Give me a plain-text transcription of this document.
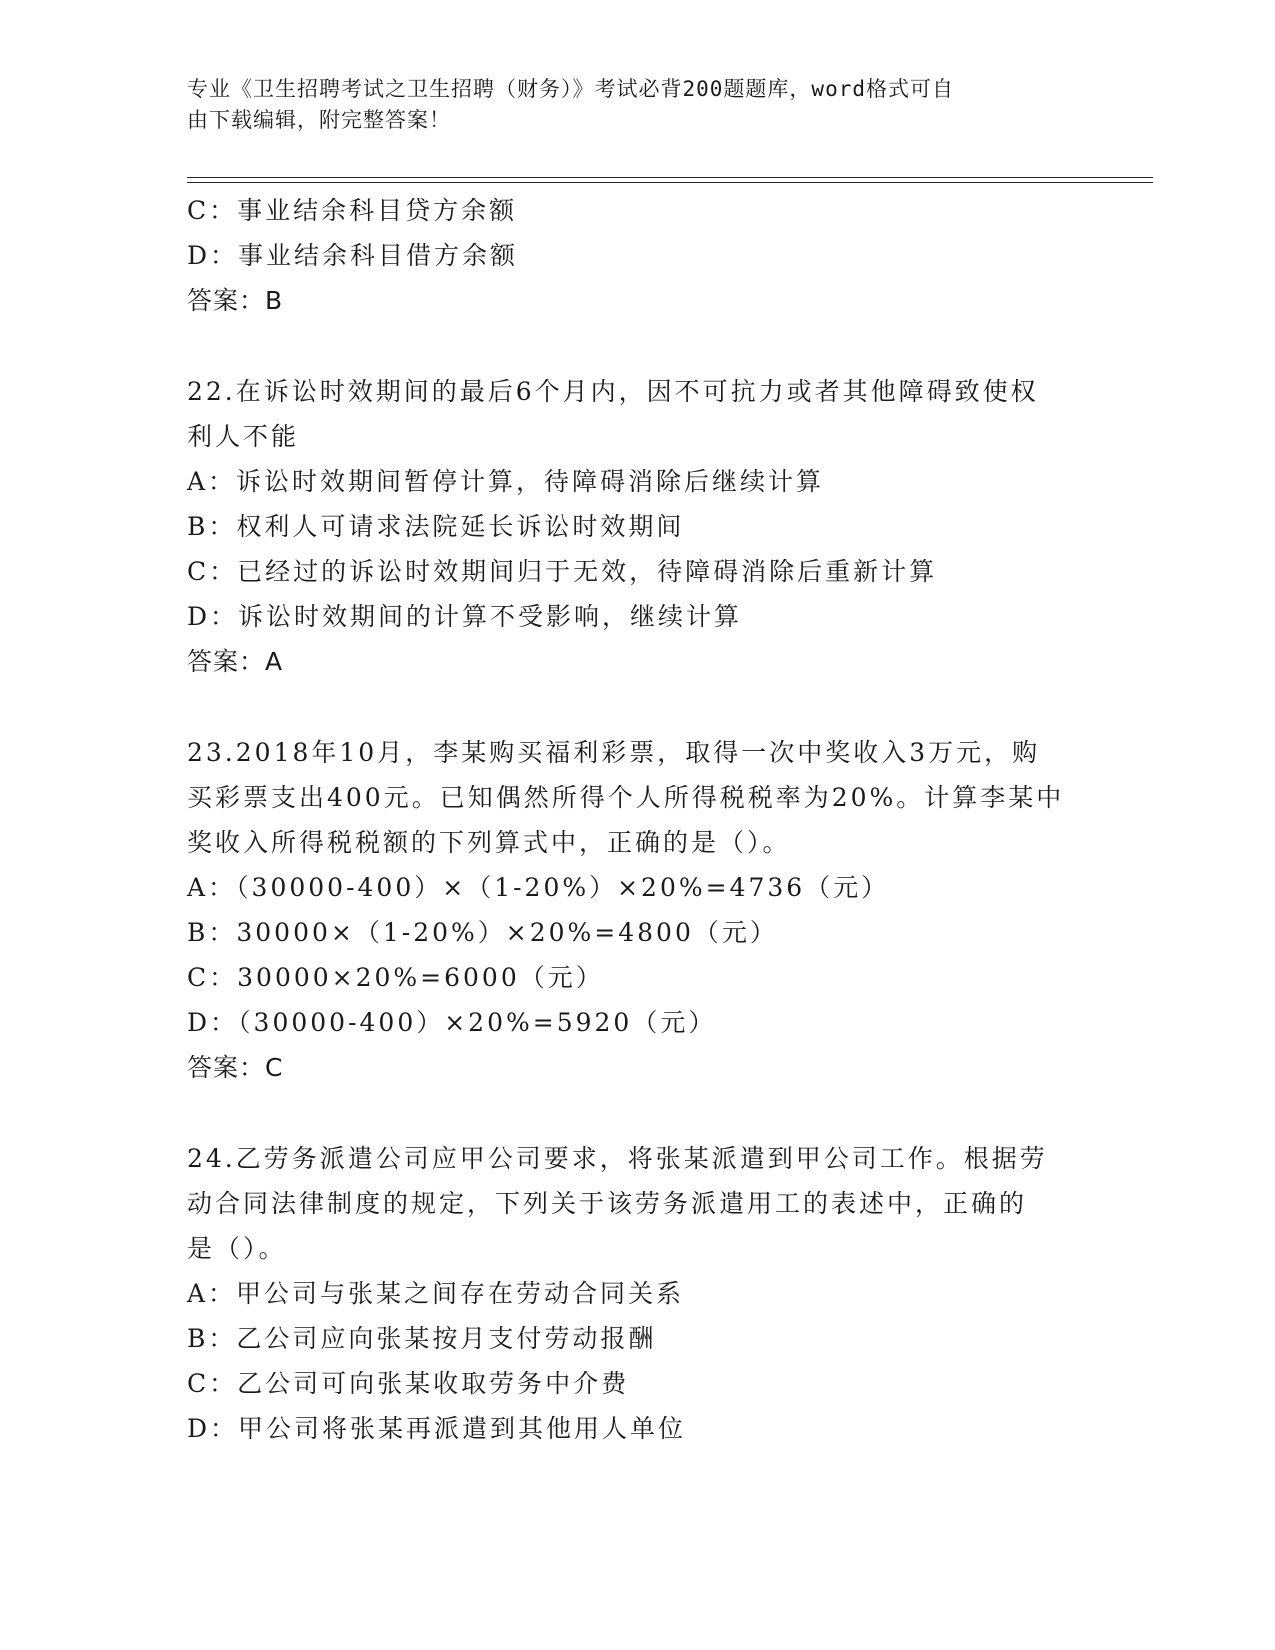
专业《卫生招聘考试之卫生招聘（财务）》考试必背200题题库，word格式可自
由下载编辑，附完整答案！
C：事业结余科目贷方余额
D：事业结余科目借方余额
答案：B
22.在诉讼时效期间的最后6个月内，因不可抗力或者其他障碍致使权
利人不能
A：诉讼时效期间暂停计算，待障碍消除后继续计算
B：权利人可请求法院延长诉讼时效期间
C：已经过的诉讼时效期间归于无效，待障碍消除后重新计算
D：诉讼时效期间的计算不受影响，继续计算
答案：A
23.2018年10月，李某购买福利彩票，取得一次中奖收入3万元，购
买彩票支出400元。已知偶然所得个人所得税税率为20%。计算李某中
奖收入所得税税额的下列算式中，正确的是（）。
A：（30000-400）×（1-20%）×20%=4736（元）
B：30000×（1-20%）×20%=4800（元）
C：30000×20%=6000（元）
D：（30000-400）×20%=5920（元）
答案：C
24.乙劳务派遣公司应甲公司要求，将张某派遣到甲公司工作。根据劳
动合同法律制度的规定，下列关于该劳务派遣用工的表述中，正确的
是（）。
A：甲公司与张某之间存在劳动合同关系
B：乙公司应向张某按月支付劳动报酬
C：乙公司可向张某收取劳务中介费
D：甲公司将张某再派遣到其他用人单位
